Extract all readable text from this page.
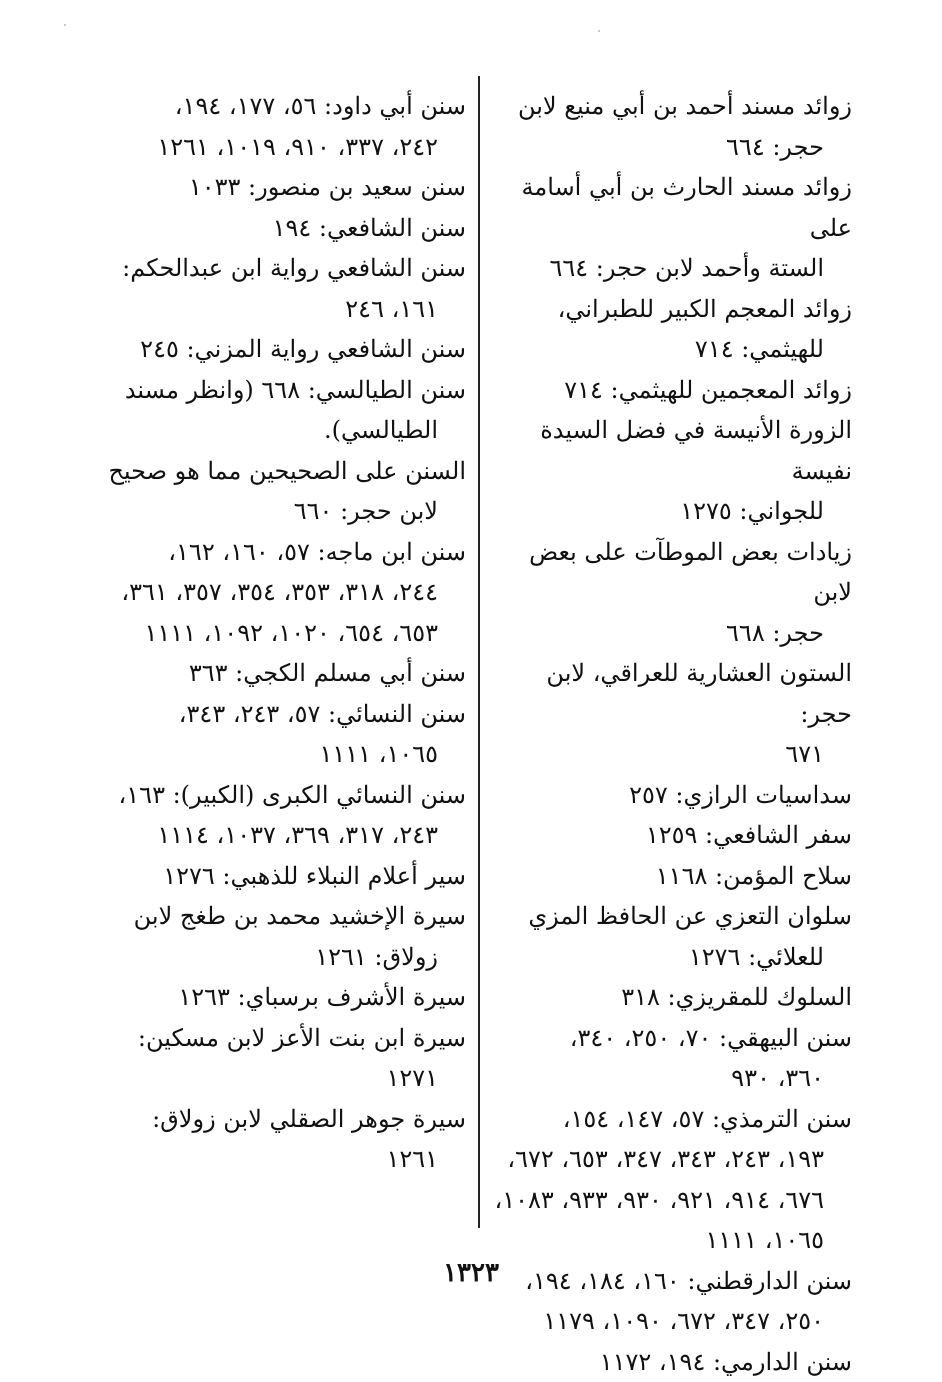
زوائد مسند أحمد بن أبي منيع لابن
حجر: ٦٦٤

زوائد مسند الحارث بن أبي أسامة على
الستة وأحمد لابن حجر: ٦٦٤

زوائد المعجم الكبير للطبراني،
للهيثمي: ٧١٤

زوائد المعجمين للهيثمي: ٧١٤

الزورة الأنيسة في فضل السيدة نفيسة
للجواني: ١٢٧٥

زيادات بعض الموطآت على بعض لابن
حجر: ٦٦٨

الستون العشارية للعراقي، لابن حجر:
٦٧١

سداسيات الرازي: ٢٥٧

سفر الشافعي: ١٢٥٩

سلاح المؤمن: ١١٦٨

سلوان التعزي عن الحافظ المزي
للعلائي: ١٢٧٦

السلوك للمقريزي: ٣١٨

سنن البيهقي: ٧٠، ٢٥٠، ٣٤٠،
٣٦٠، ٩٣٠

سنن الترمذي: ٥٧، ١٤٧، ١٥٤،
١٩٣، ٢٤٣، ٣٤٣، ٣٤٧، ٦٥٣، ٦٧٢، ٦٧٦، ٩١٤، ٩٢١، ٩٣٠، ٩٣٣، ١٠٨٣، ١٠٦٥، ١١١١

سنن الدارقطني: ١٦٠، ١٨٤، ١٩٤،
٢٥٠، ٣٤٧، ٦٧٢، ١٠٩٠، ١١٧٩

سنن الدارمي: ١٩٤، ١١٧٢

سنن أبي داود: ٥٦، ١٧٧، ١٩٤،
٢٤٢، ٣٣٧، ٩١٠، ١٠١٩، ١٢٦١

سنن سعيد بن منصور: ١٠٣٣

سنن الشافعي: ١٩٤

سنن الشافعي رواية ابن عبدالحكم:
١٦١، ٢٤٦

سنن الشافعي رواية المزني: ٢٤٥

سنن الطيالسي: ٦٦٨ (وانظر مسند
الطيالسي).

السنن على الصحيحين مما هو صحيح
لابن حجر: ٦٦٠

سنن ابن ماجه: ٥٧، ١٦٠، ١٦٢،
٢٤٤، ٣١٨، ٣٥٣، ٣٥٤، ٣٥٧، ٣٦١، ٦٥٣، ٦٥٤، ١٠٢٠، ١٠٩٢، ١١١١

سنن أبي مسلم الكجي: ٣٦٣

سنن النسائي: ٥٧، ٢٤٣، ٣٤٣،
١٠٦٥، ١١١١

سنن النسائي الكبرى (الكبير): ١٦٣،
٢٤٣، ٣١٧، ٣٦٩، ١٠٣٧، ١١١٤

سير أعلام النبلاء للذهبي: ١٢٧٦

سيرة الإخشيد محمد بن طغج لابن
زولاق: ١٢٦١

سيرة الأشرف برسباي: ١٢٦٣

سيرة ابن بنت الأعز لابن مسكين:
١٢٧١

سيرة جوهر الصقلي لابن زولاق:
١٢٦١

١٣٢٣
